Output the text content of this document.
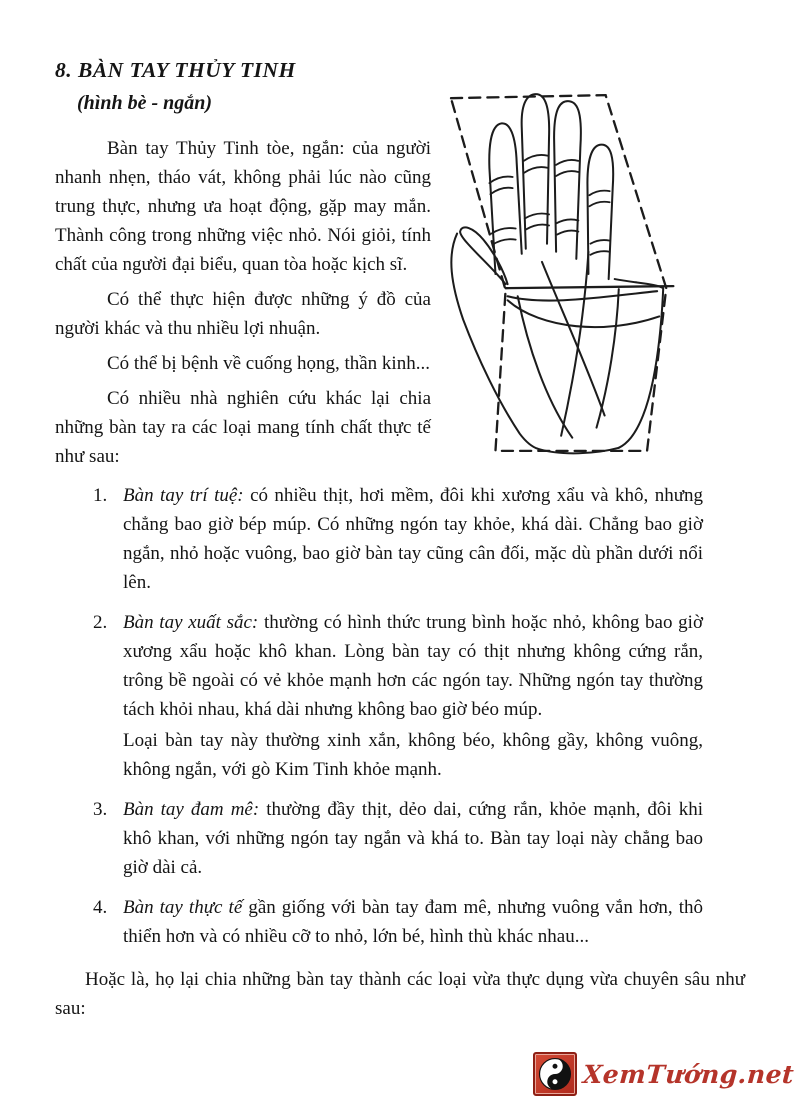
8. BÀN TAY THỦY TINH
(hình bè - ngắn)
Bàn tay Thủy Tinh tòe, ngắn: của người nhanh nhẹn, tháo vát, không phải lúc nào cũng trung thực, nhưng ưa hoạt động, gặp may mắn. Thành công trong những việc nhỏ. Nói giỏi, tính chất của người đại biểu, quan tòa hoặc kịch sĩ.
Có thể thực hiện được những ý đồ của người khác và thu nhiều lợi nhuận.
Có thể bị bệnh về cuống họng, thần kinh...
Có nhiều nhà nghiên cứu khác lại chia những bàn tay ra các loại mang tính chất thực tế như sau:
1. Bàn tay trí tuệ: có nhiều thịt, hơi mềm, đôi khi xương xẩu và khô, nhưng chẳng bao giờ bép múp. Có những ngón tay khỏe, khá dài. Chẳng bao giờ ngắn, nhỏ hoặc vuông, bao giờ bàn tay cũng cân đối, mặc dù phần dưới nổi lên.
2. Bàn tay xuất sắc: thường có hình thức trung bình hoặc nhỏ, không bao giờ xương xẩu hoặc khô khan. Lòng bàn tay có thịt nhưng không cứng rắn, trông bề ngoài có vẻ khỏe mạnh hơn các ngón tay. Những ngón tay thường tách khỏi nhau, khá dài nhưng không bao giờ béo múp.
Loại bàn tay này thường xinh xắn, không béo, không gầy, không vuông, không ngắn, với gò Kim Tinh khỏe mạnh.
3. Bàn tay đam mê: thường đầy thịt, dẻo dai, cứng rắn, khỏe mạnh, đôi khi khô khan, với những ngón tay ngắn và khá to. Bàn tay loại này chẳng bao giờ dài cả.
4. Bàn tay thực tế gần giống với bàn tay đam mê, nhưng vuông vắn hơn, thô thiển hơn và có nhiều cỡ to nhỏ, lớn bé, hình thù khác nhau...
Hoặc là, họ lại chia những bàn tay thành các loại vừa thực dụng vừa chuyên sâu như sau:
XemTướng.net
